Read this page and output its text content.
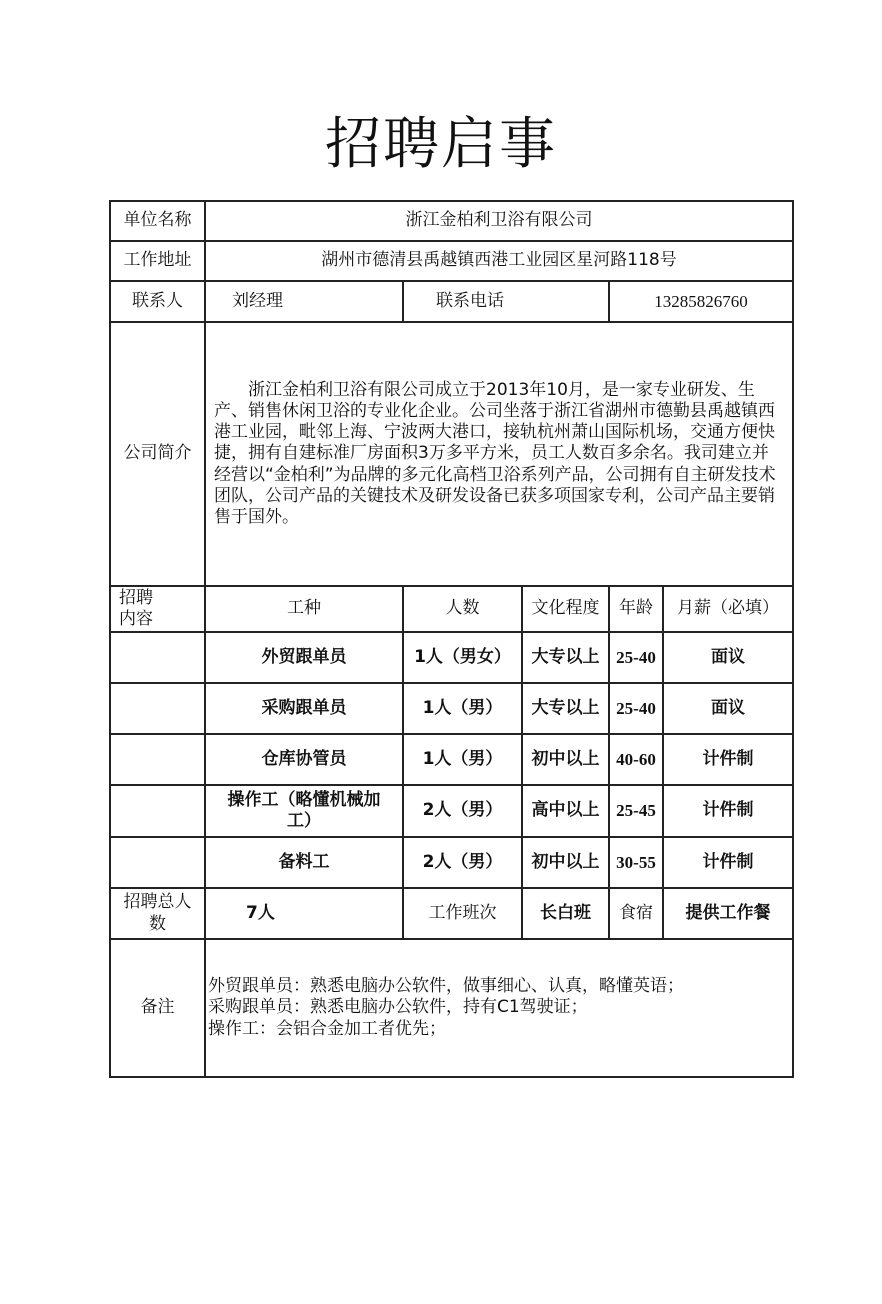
招聘启事
单位名称	浙江金柏利卫浴有限公司				
工作地址	湖州市德清县禹越镇西港工业园区星河路118号				
联系人	刘经理	联系电话		13285826760	
公司简介	浙江金柏利卫浴有限公司成立于2013年10月，是一家专业研发、生产、销售休闲卫浴的专业化企业。公司坐落于浙江省湖州市德勤县禹越镇西港工业园，毗邻上海、宁波两大港口，接轨杭州萧山国际机场，交通方便快捷，拥有自建标准厂房面积3万多平方米，员工人数百多余名。我司建立并经营以“金柏利”为品牌的多元化高档卫浴系列产品，公司拥有自主研发技术团队，公司产品的关键技术及研发设备已获多项国家专利，公司产品主要销售于国外。				

招聘
内容	工种	人数	文化程度	年龄	月薪（必填）
	外贸跟单员	1人（男女）	大专以上	25-40	面议
	采购跟单员	1人（男）	大专以上	25-40	面议
	仓库协管员	1人（男）	初中以上	40-60	计件制
	操作工（略懂机械加工）	2人（男）	高中以上	25-45	计件制
	备料工	2人（男）	初中以上	30-55	计件制
招聘总人数	7人	工作班次	长白班	食宿	提供工作餐
备注	外贸跟单员：熟悉电脑办公软件，做事细心、认真，略懂英语；
采购跟单员：熟悉电脑办公软件，持有C1驾驶证；
操作工：会铝合金加工者优先；				
